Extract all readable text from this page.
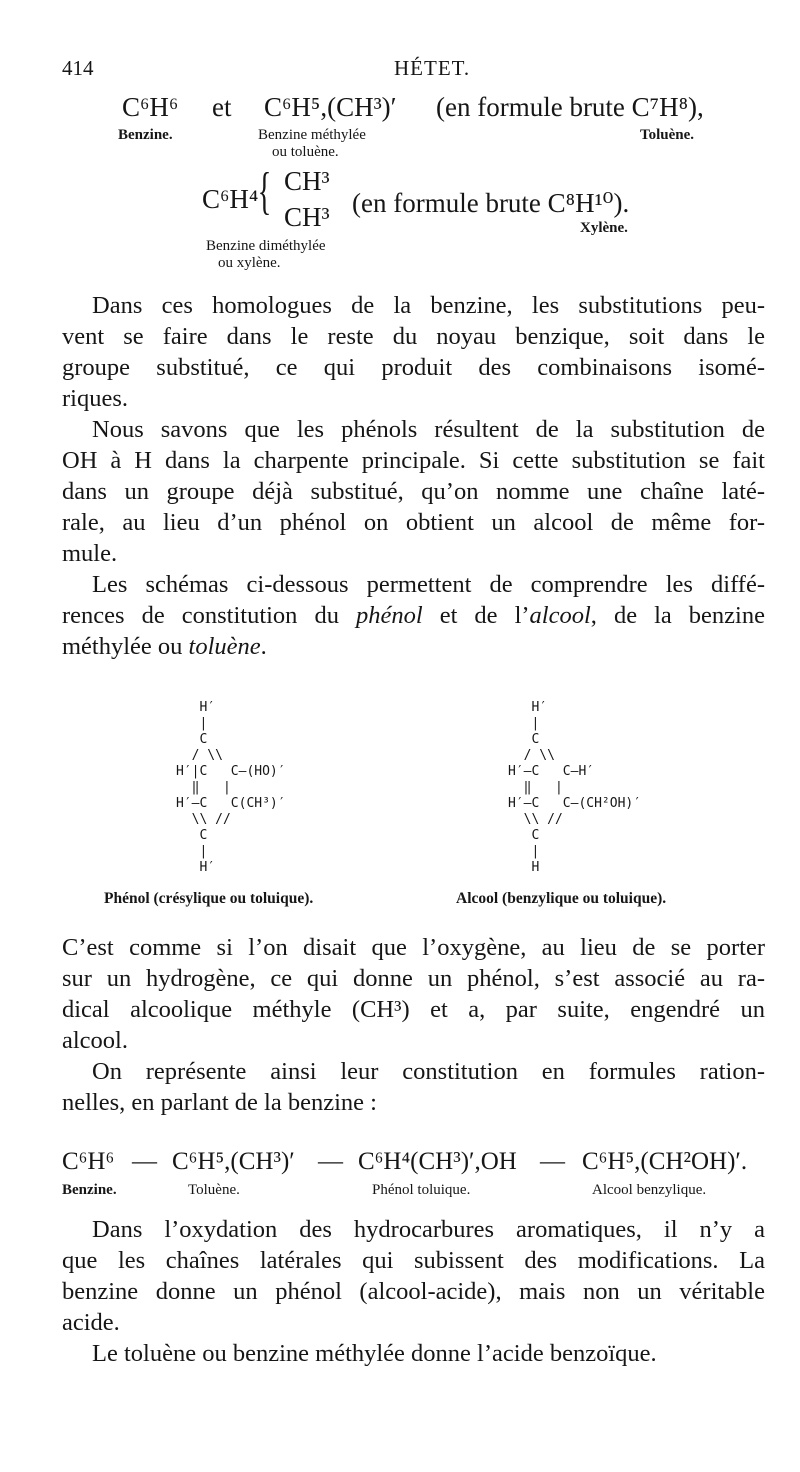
414	HÉTET.
C⁶H⁶ et C⁶H⁵,(CH³)′ (en formule brute C⁷H⁸),
Benzine.	Benzine méthylée
ou toluène.
Toluène.
C⁶H⁴ { CH³
CH³ (en formule brute C⁸H¹⁰).
Xylène.
Benzine diméthylée
ou xylène.
Dans ces homologues de la benzine, les substitutions peu-
vent se faire dans le reste du noyau benzique, soit dans le
groupe substitué, ce qui produit des combinaisons isomé-
riques.
Nous savons que les phénols résultent de la substitution de
OH à H dans la charpente principale. Si cette substitution se fait
dans un groupe déjà substitué, qu’on nomme une chaîne laté-
rale, au lieu d’un phénol on obtient un alcool de même for-
mule.
Les schémas ci-dessous permettent de comprendre les diffé-
rences de constitution du phénol et de l’alcool, de la benzine
méthylée ou toluène.
H′
|
C
/ \\
H′|C   C—(HO)′
‖   |
H′—C   C(CH³)′
\\ //
C
|
H′
H′
|
C
/ \\
H′—C   C—H′
‖   |
H′—C   C—(CH²OH)′
\\ //
C
|
H
Phénol (crésylique ou toluique).	Alcool (benzylique ou toluique).
C’est comme si l’on disait que l’oxygène, au lieu de se porter
sur un hydrogène, ce qui donne un phénol, s’est associé au ra-
dical alcoolique méthyle (CH³) et a, par suite, engendré un
alcool.
On représente ainsi leur constitution en formules ration-
nelles, en parlant de la benzine :
C⁶H⁶ — C⁶H⁵,(CH³)′ — C⁶H⁴(CH³)′,OH — C⁶H⁵,(CH²OH)′.
Benzine.	Toluène.	Phénol toluique.	Alcool benzylique.
Dans l’oxydation des hydrocarbures aromatiques, il n’y a
que les chaînes latérales qui subissent des modifications. La
benzine donne un phénol (alcool-acide), mais non un véritable
acide.
Le toluène ou benzine méthylée donne l’acide benzoïque.
